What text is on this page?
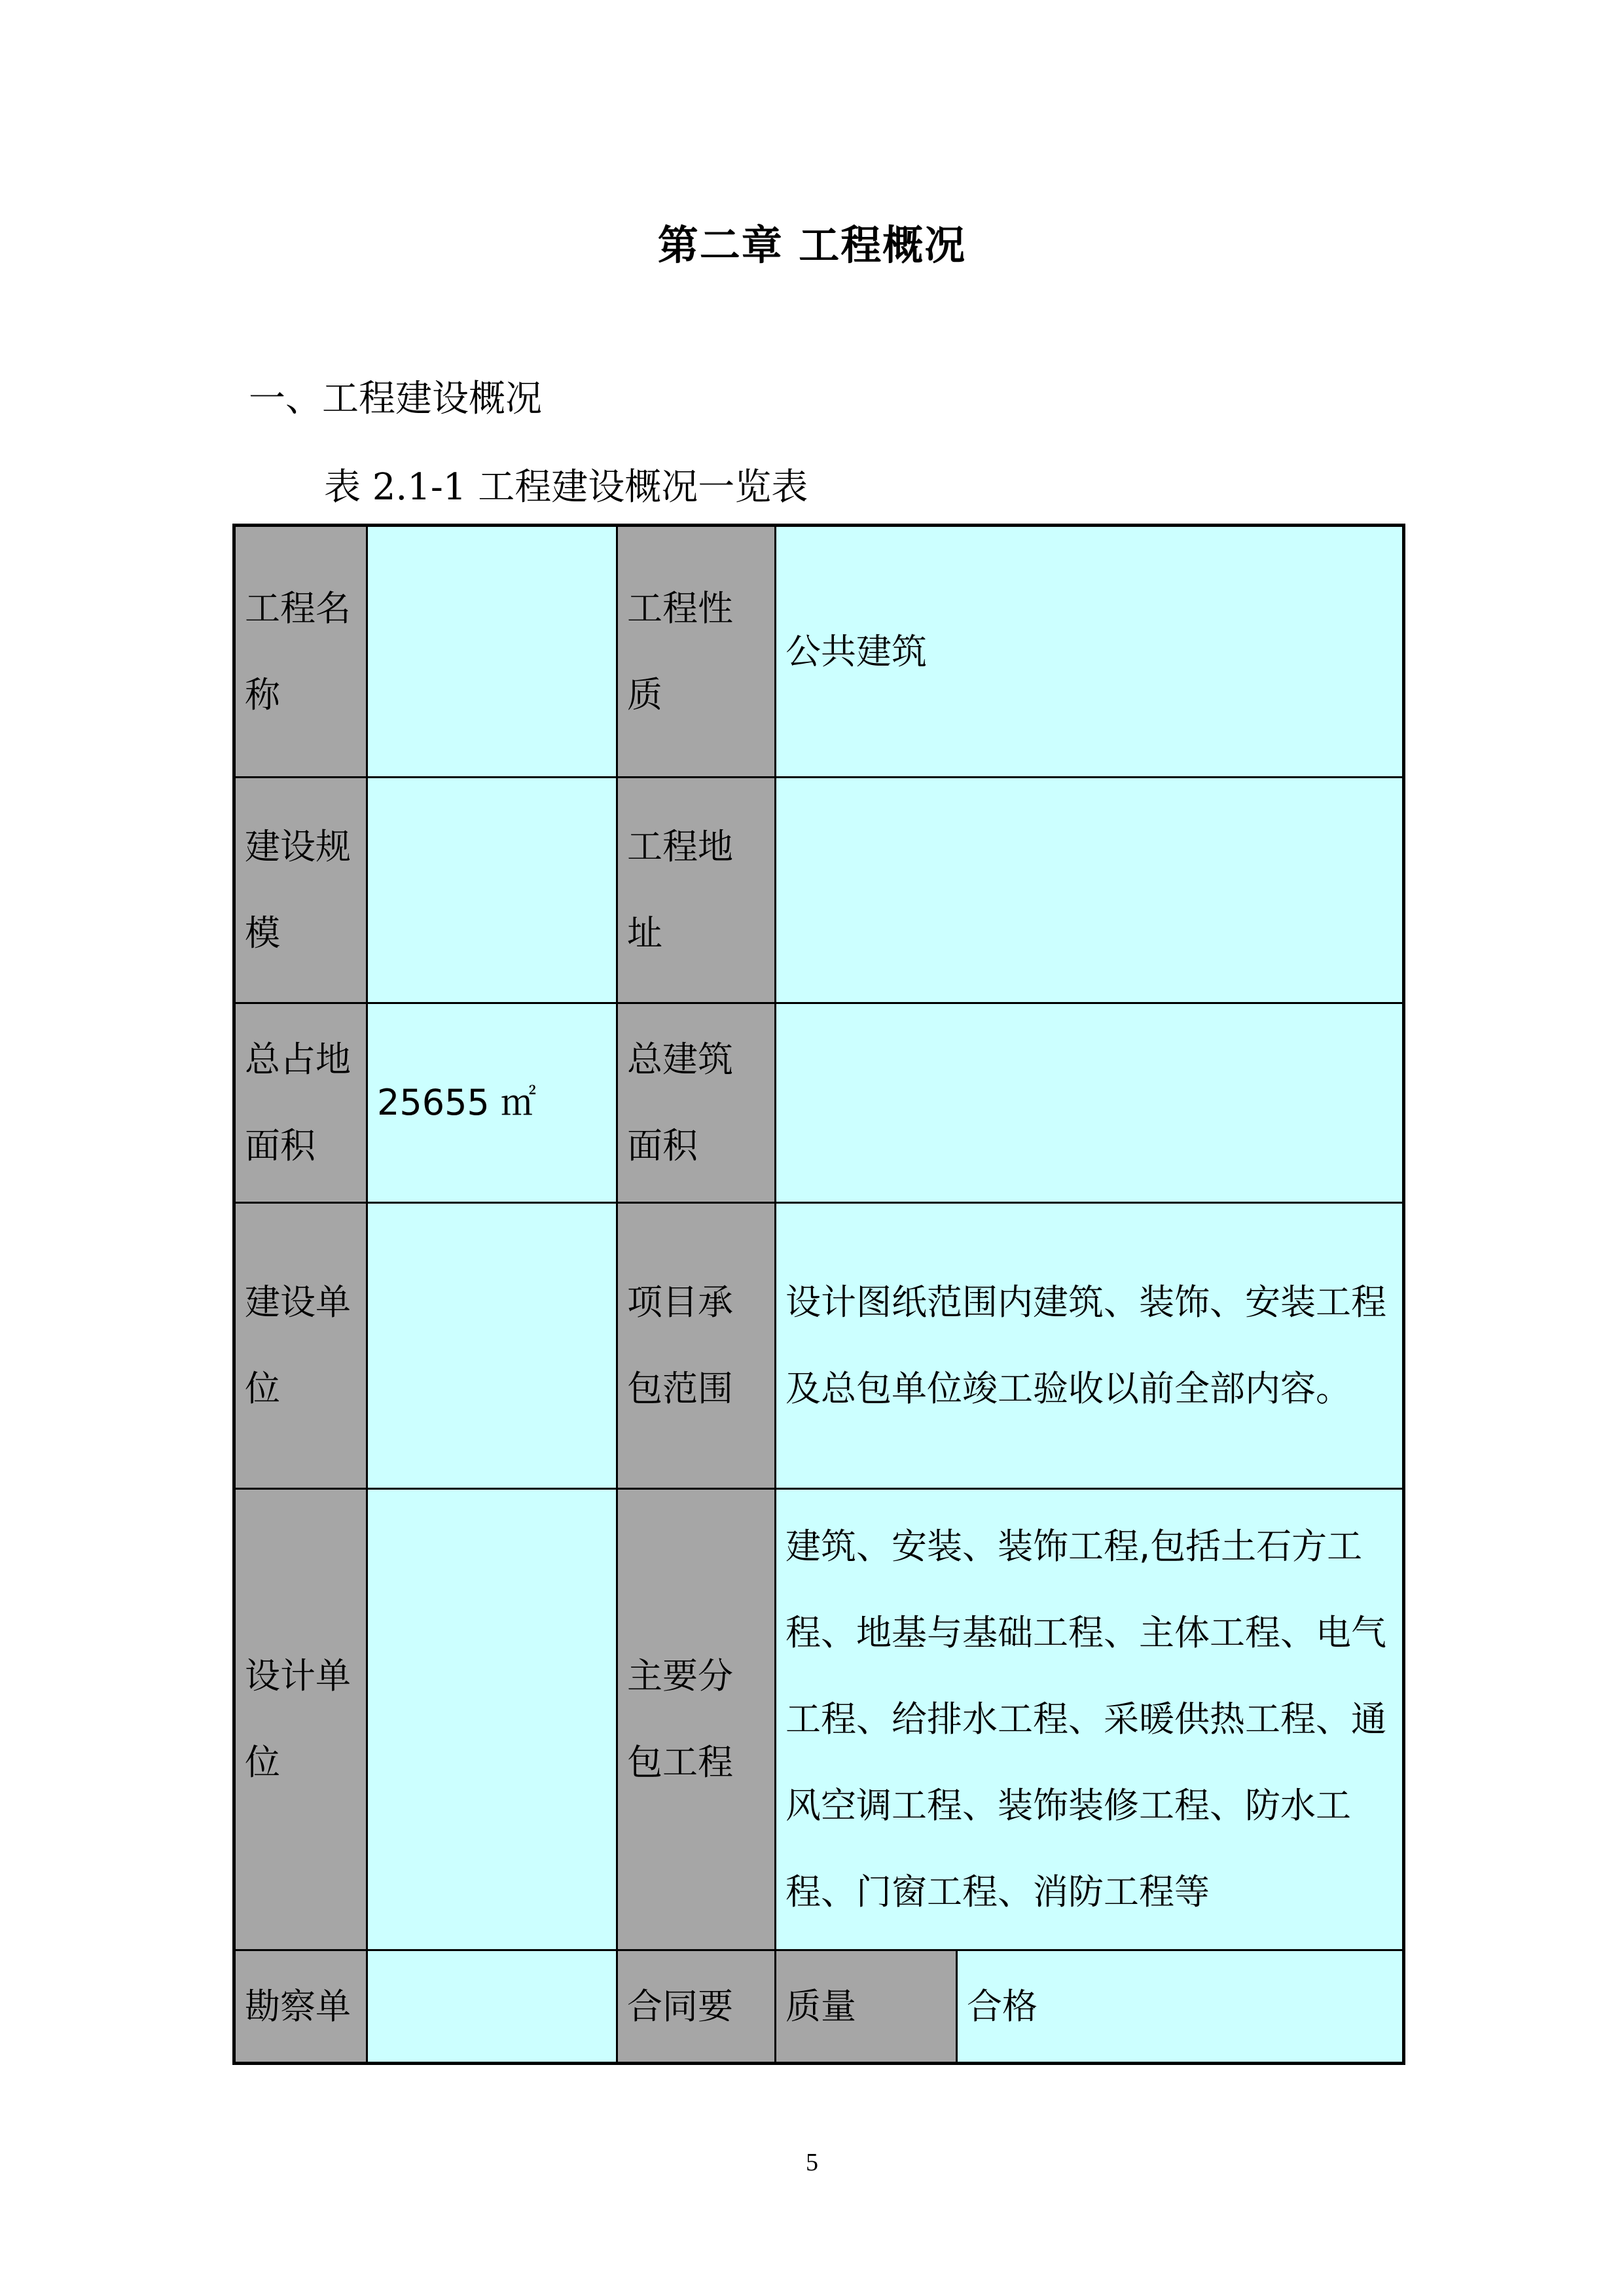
第二章 工程概况
一、工程建设概况
表 2.1-1 工程建设概况一览表
工程名称		工程性质	公共建筑	
建设规模		工程地址		
总占地面积	25655 ㎡	总建筑面积		
建设单位		项目承包范围	设计图纸范围内建筑、装饰、安装工程及总包单位竣工验收以前全部内容。	
设计单位		主要分包工程	建筑、安装、装饰工程,包括土石方工程、地基与基础工程、主体工程、电气工程、给排水工程、采暖供热工程、通风空调工程、装饰装修工程、防水工程、门窗工程、消防工程等	
勘察单		合同要	质量	合格
5
